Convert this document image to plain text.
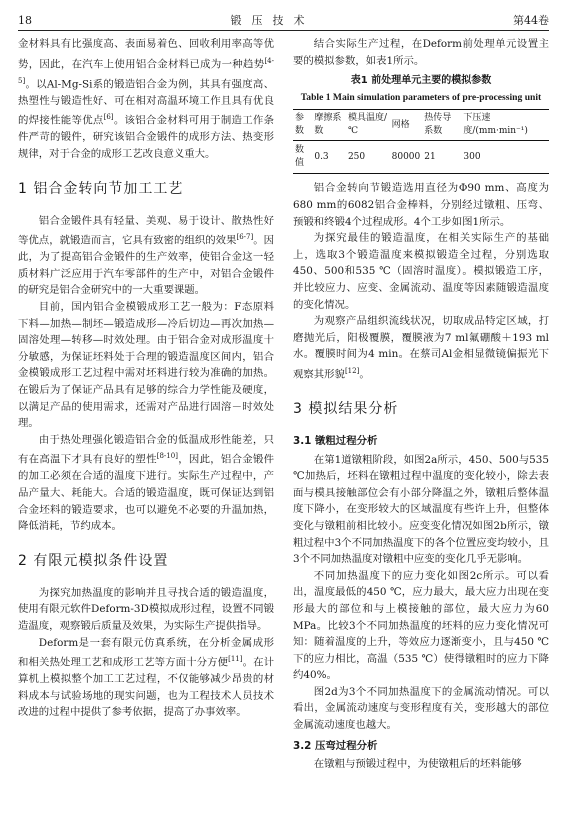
18	锻压技术	第44卷

金材料具有比强度高、表面易着色、回收利用率高等优势，因此，在汽车上使用铝合金材料已成为一种趋势[4-5]。以Al-Mg-Si系的锻造铝合金为例，其具有强度高、热塑性与锻造性好、可在相对高温环境工作且具有优良的焊接性能等优点[6]。该铝合金材料可用于制造工作条件严苛的锻件，研究该铝合金锻件的成形方法、热变形规律，对于合金的成形工艺改良意义重大。

1 铝合金转向节加工工艺

铝合金锻件具有轻量、美观、易于设计、散热性好等优点，就锻造而言，它具有致密的组织的效果[6-7]。因此，为了提高铝合金锻件的生产效率，使铝合金这一轻质材料广泛应用于汽车零部件的生产中，对铝合金锻件的研究是铝合金研究中的一大重要课题。

目前，国内铝合金模锻成形工艺一般为：F态原料下料—加热—制坯—锻造成形—冷后切边—再次加热—固溶处理—转移—时效处理。由于铝合金对成形温度十分敏感，为保证坯料处于合理的锻造温度区间内，铝合金模锻成形工艺过程中需对坯料进行较为准确的加热。在锻后为了保证产品具有足够的综合力学性能及硬度，以满足产品的使用需求，还需对产品进行固溶－时效处理。

由于热处理强化锻造铝合金的低温成形性能差，只有在高温下才具有良好的塑性[8-10]，因此，铝合金锻件的加工必须在合适的温度下进行。实际生产过程中，产品产量大、耗能大。合适的锻造温度，既可保证达到铝合金坯料的锻造要求，也可以避免不必要的升温加热，降低消耗，节约成本。

2 有限元模拟条件设置

为探究加热温度的影响并且寻找合适的锻造温度，使用有限元软件Deform-3D模拟成形过程，设置不同锻造温度，观察锻后质量及效果，为实际生产提供指导。

Deform是一套有限元仿真系统，在分析金属成形和相关热处理工艺和成形工艺等方面十分方便[11]。在计算机上模拟整个加工工艺过程，不仅能够减少昂贵的材料成本与试验场地的现实问题，也为工程技术人员技术改进的过程中提供了参考依据，提高了办事效率。

结合实际生产过程，在Deform前处理单元设置主要的模拟参数，如表1所示。

表1 前处理单元主要的模拟参数
Table 1 Main simulation parameters of pre-processing unit
参数	摩擦系数	模具温度/℃	网格	热传导系数	下压速度/(mm·min⁻¹)
数值	0.3	250	80000	21	300

铝合金转向节锻造选用直径为Φ90 mm、高度为680 mm的6082铝合金棒料，分别经过镦粗、压弯、预锻和终锻4个过程成形。4个工步如图1所示。

为探究最佳的锻造温度，在相关实际生产的基础上，选取3个锻造温度来模拟锻造全过程，分别选取450、500和535 ℃（固溶时温度）。模拟锻造工序，并比较应力、应变、金属流动、温度等因素随锻造温度的变化情况。

为观察产品组织流线状况，切取成品特定区域，打磨抛光后，阳极覆膜，覆膜液为7 ml氟硼酸＋193 ml水。覆膜时间为4 min。在蔡司Al金相显微镜偏振光下观察其形貌[12]。

3 模拟结果分析
3.1 镦粗过程分析

在第1道镦粗阶段，如图2a所示，450、500与535 ℃加热后，坯料在镦粗过程中温度的变化较小，除去表面与模具接触部位会有小部分降温之外，镦粗后整体温度下降小，在变形较大的区域温度有些许上升，但整体变化与镦粗前相比较小。应变变化情况如图2b所示，镦粗过程中3个不同加热温度下的各个位置应变均较小，且3个不同加热温度对镦粗中应变的变化几乎无影响。

不同加热温度下的应力变化如图2c所示。可以看出，温度最低的450 ℃，应力最大，最大应力出现在变形最大的部位和与上模接触的部位，最大应力为60 MPa。比较3个不同加热温度的坯料的应力变化情况可知：随着温度的上升，等效应力逐渐变小，且与450 ℃下的应力相比，高温（535 ℃）使得镦粗时的应力下降约40%。

图2d为3个不同加热温度下的金属流动情况。可以看出，金属流动速度与变形程度有关，变形越大的部位金属流动速度也越大。

3.2 压弯过程分析

在镦粗与预锻过程中，为使镦粗后的坯料能够
